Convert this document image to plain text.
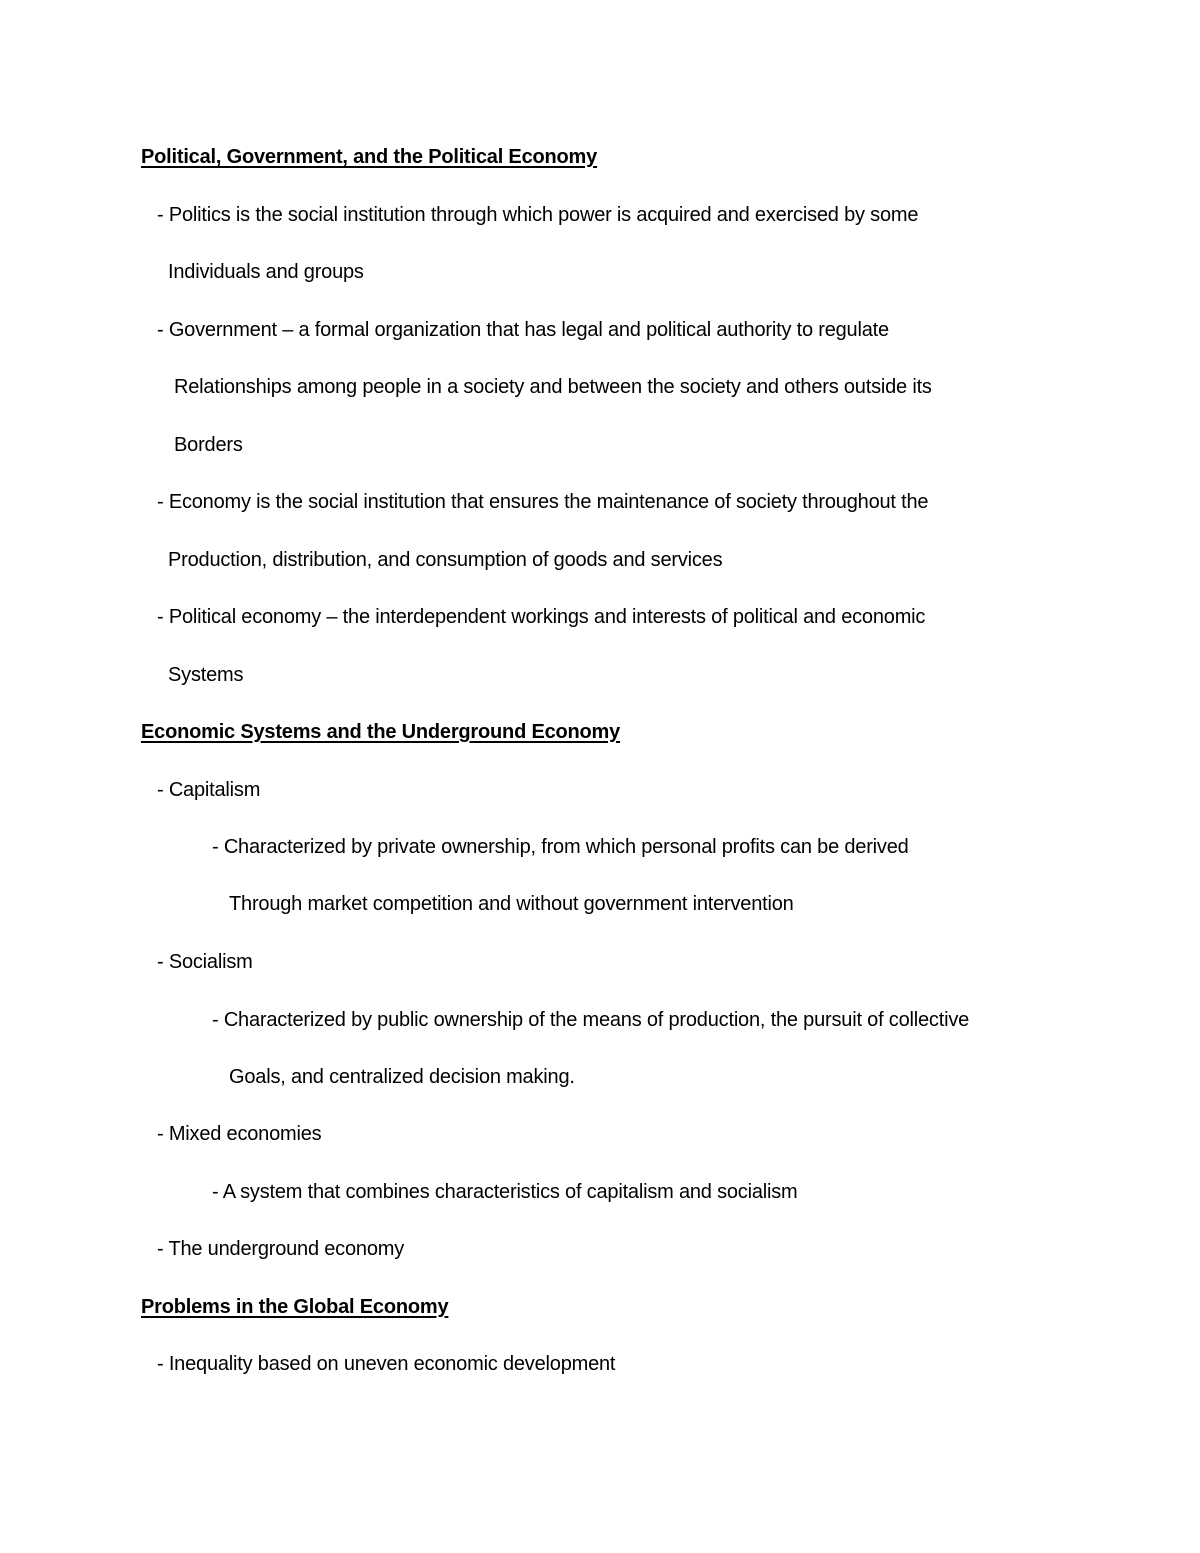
Political, Government, and the Political Economy
- Politics is the social institution through which power is acquired and exercised by some
Individuals and groups
- Government – a formal organization that has legal and political authority to regulate
Relationships among people in a society and between the society and others outside its
Borders
- Economy is the social institution that ensures the maintenance of society throughout the
Production, distribution, and consumption of goods and services
- Political economy – the interdependent workings and interests of political and economic
Systems
Economic Systems and the Underground Economy
- Capitalism
- Characterized by private ownership, from which personal profits can be derived
Through market competition and without government intervention
- Socialism
- Characterized by public ownership of the means of production, the pursuit of collective
Goals, and centralized decision making.
- Mixed economies
- A system that combines characteristics of capitalism and socialism
- The underground economy
Problems in the Global Economy
- Inequality based on uneven economic development
